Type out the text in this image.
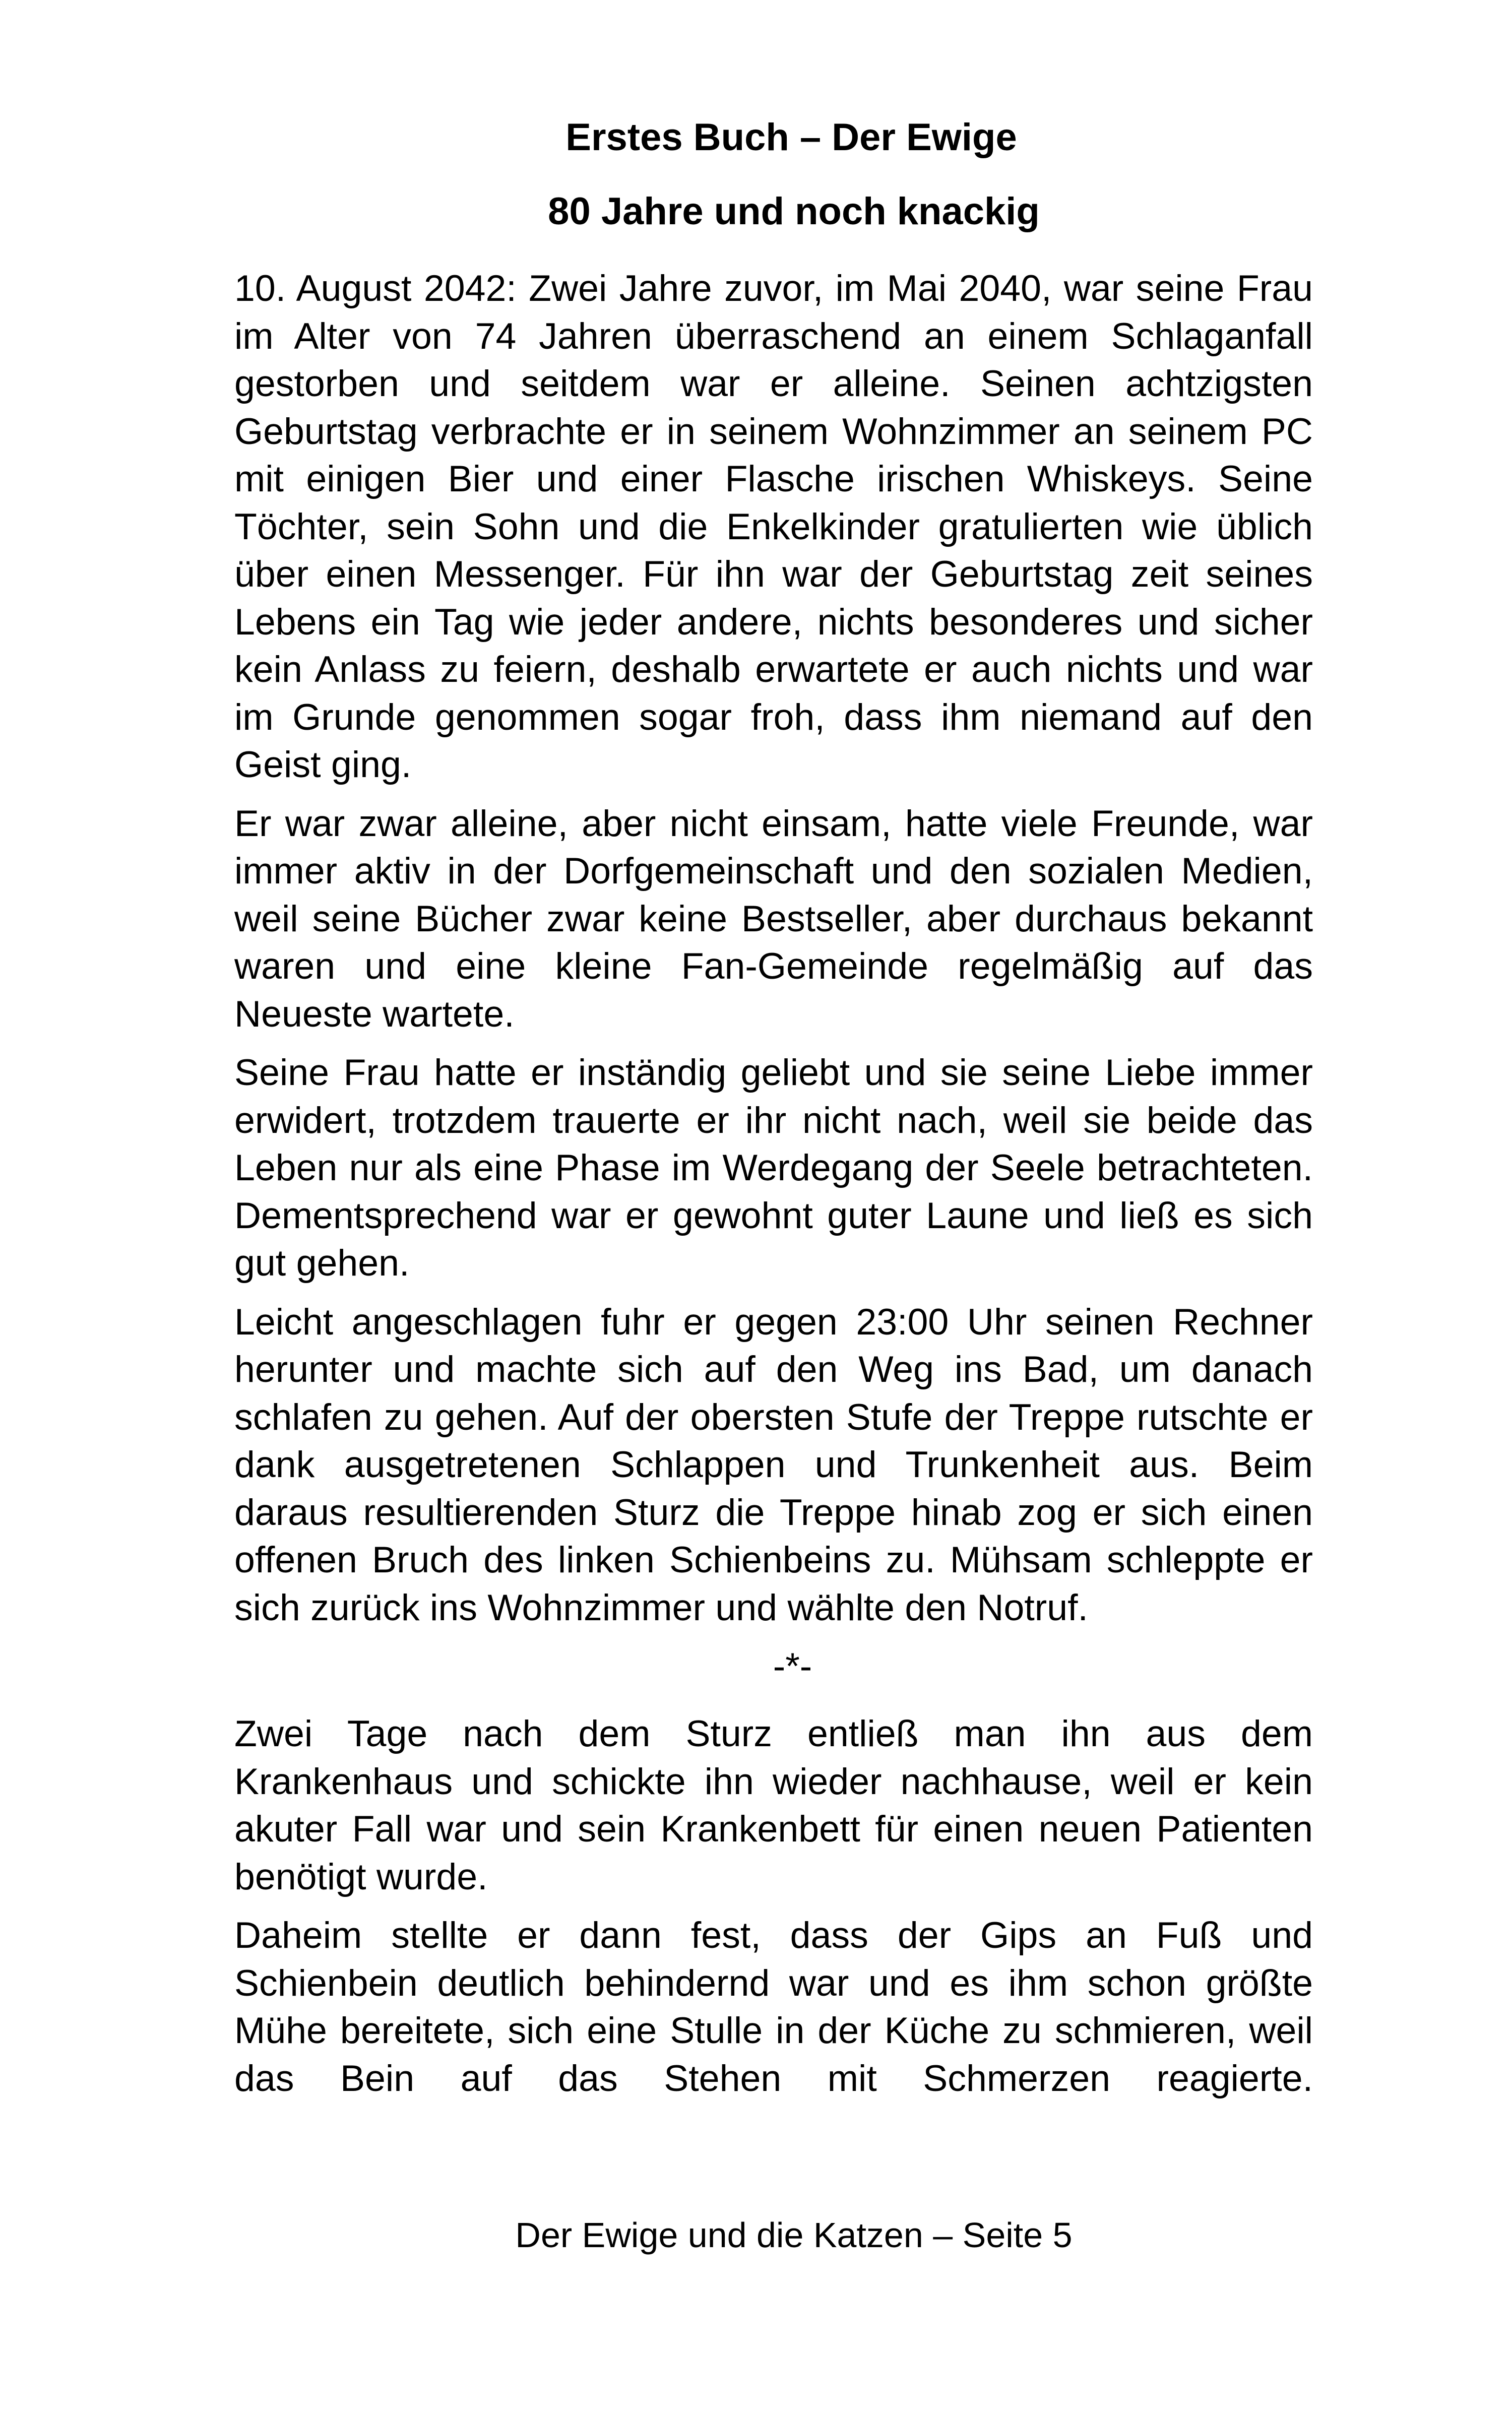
Erstes Buch – Der Ewige
80 Jahre und noch knackig

10. August 2042: Zwei Jahre zuvor, im Mai 2040, war seine Frau im Alter von 74 Jahren überraschend an einem Schlaganfall gestorben und seitdem war er alleine. Seinen achtzigsten Geburtstag verbrachte er in seinem Wohnzimmer an seinem PC mit einigen Bier und einer Flasche irischen Whiskeys. Seine Töchter, sein Sohn und die Enkelkinder gratulierten wie üblich über einen Messenger. Für ihn war der Geburtstag zeit seines Lebens ein Tag wie jeder andere, nichts besonderes und sicher kein Anlass zu feiern, deshalb erwartete er auch nichts und war im Grunde genommen sogar froh, dass ihm niemand auf den Geist ging.

Er war zwar alleine, aber nicht einsam, hatte viele Freunde, war immer aktiv in der Dorfgemeinschaft und den sozialen Medien, weil seine Bücher zwar keine Bestseller, aber durchaus bekannt waren und eine kleine Fan-Gemeinde regelmäßig auf das Neueste wartete.

Seine Frau hatte er inständig geliebt und sie seine Liebe immer erwidert, trotzdem trauerte er ihr nicht nach, weil sie beide das Leben nur als eine Phase im Werdegang der Seele betrachteten. Dementsprechend war er gewohnt guter Laune und ließ es sich gut gehen.

Leicht angeschlagen fuhr er gegen 23:00 Uhr seinen Rechner herunter und machte sich auf den Weg ins Bad, um danach schlafen zu gehen. Auf der obersten Stufe der Treppe rutschte er dank ausgetretenen Schlappen und Trunkenheit aus. Beim daraus resultierenden Sturz die Treppe hinab zog er sich einen offenen Bruch des linken Schienbeins zu. Mühsam schleppte er sich zurück ins Wohnzimmer und wählte den Notruf.

-*-

Zwei Tage nach dem Sturz entließ man ihn aus dem Krankenhaus und schickte ihn wieder nachhause, weil er kein akuter Fall war und sein Krankenbett für einen neuen Patienten benötigt wurde.

Daheim stellte er dann fest, dass der Gips an Fuß und Schienbein deutlich behindernd war und es ihm schon größte Mühe bereitete, sich eine Stulle in der Küche zu schmieren, weil das Bein auf das Stehen mit Schmerzen reagierte.

Der Ewige und die Katzen – Seite 5
